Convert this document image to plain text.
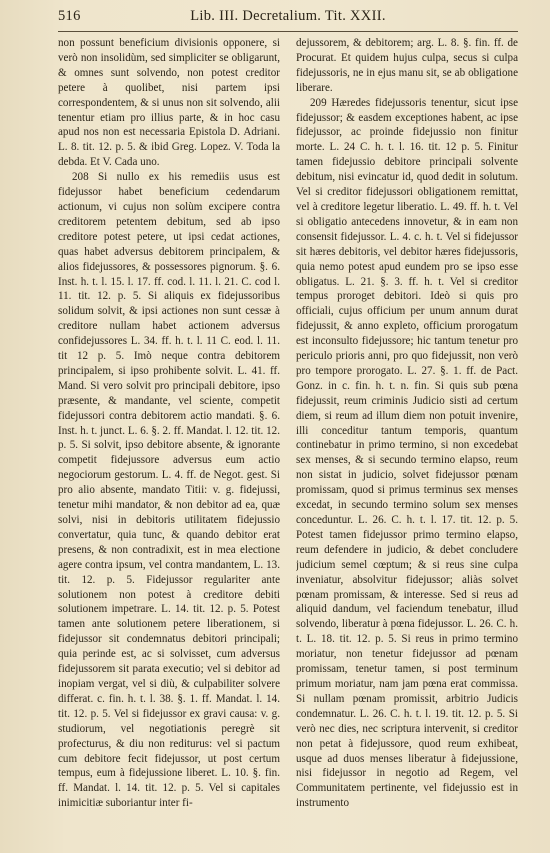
516	Lib. III. Decretalium. Tit. XXII.

non possunt beneficium divisionis opponere, si verò non insolidùm, sed simpliciter se obligarunt, & omnes sunt solvendo, non potest creditor petere à quolibet, nisi partem ipsi correspondentem, & si unus non sit solvendo, alii tenentur etiam pro illius parte, & in hoc casu apud nos non est necessaria Epistola D. Adriani. L. 8. tit. 12. p. 5. & ibid Greg. Lopez. V. Toda la debda. Et V. Cada uno.

208 Si nullo ex his remediis usus est fidejussor habet beneficium cedendarum actionum, vi cujus non solùm excipere contra creditorem petentem debitum, sed ab ipso creditore potest petere, ut ipsi cedat actiones, quas habet adversus debitorem principalem, & alios fidejussores, & possessores pignorum. §. 6. Inst. h. t. l. 15. l. 17. ff. cod. l. 11. l. 21. C. cod l. 11. tit. 12. p. 5. Si aliquis ex fidejussoribus solidum solvit, & ipsi actiones non sunt cessæ à creditore nullam habet actionem adversus confidejussores L. 34. ff. h. t. l. 11 C. eod. l. 11. tit 12 p. 5. Imò neque contra debitorem principalem, si ipso prohibente solvit. L. 41. ff. Mand. Si vero solvit pro principali debitore, ipso præsente, & mandante, vel sciente, competit fidejussori contra debitorem actio mandati. §. 6. Inst. h. t. junct. L. 6. §. 2. ff. Mandat. l. 12. tit. 12. p. 5. Si solvit, ipso debitore absente, & ignorante competit fidejussore adversus eum actio negociorum gestorum. L. 4. ff. de Negot. gest. Si pro alio absente, mandato Titii: v. g. fidejussi, tenetur mihi mandator, & non debitor ad ea, quæ solvi, nisi in debitoris utilitatem fidejussio convertatur, quia tunc, & quando debitor erat presens, & non contradixit, est in mea electione agere contra ipsum, vel contra mandantem, L. 13. tit. 12. p. 5. Fidejussor regulariter ante solutionem non potest à creditore debiti solutionem impetrare. L. 14. tit. 12. p. 5. Potest tamen ante solutionem petere liberationem, si fidejussor sit condemnatus debitori principali; quia perinde est, ac si solvisset, cum adversus fidejussorem sit parata executio; vel si debitor ad inopiam vergat, vel si diù, & culpabiliter solvere differat. c. fin. h. t. l. 38. §. 1. ff. Mandat. l. 14. tit. 12. p. 5. Vel si fidejussor ex gravi causa: v. g. studiorum, vel negotiationis peregrè sit profecturus, & diu non rediturus: vel si pactum cum debitore fecit fidejussor, ut post certum tempus, eum à fidejussione liberet. L. 10. §. fin. ff. Mandat. l. 14. tit. 12. p. 5. Vel si capitales inimicitiæ suboriantur inter fi-

dejussorem, & debitorem; arg. L. 8. §. fin. ff. de Procurat. Et quidem hujus culpa, secus si culpa fidejussoris, ne in ejus manu sit, se ab obligatione liberare.

209 Hæredes fidejussoris tenentur, sicut ipse fidejussor; & easdem exceptiones habent, ac ipse fidejussor, ac proinde fidejussio non finitur morte. L. 24 C. h. t. l. 16. tit. 12 p. 5. Finitur tamen fidejussio debitore principali solvente debitum, nisi evincatur id, quod dedit in solutum. Vel si creditor fidejussori obligationem remittat, vel à creditore legetur liberatio. L. 49. ff. h. t. Vel si obligatio antecedens innovetur, & in eam non consensit fidejussor. L. 4. c. h. t. Vel si fidejussor sit hæres debitoris, vel debitor hæres fidejussoris, quia nemo potest apud eundem pro se ipso esse obligatus. L. 21. §. 3. ff. h. t. Vel si creditor tempus proroget debitori. Ideò si quis pro officiali, cujus officium per unum annum durat fidejussit, & anno expleto, officium prorogatum est inconsulto fidejussore; hic tantum tenetur pro periculo prioris anni, pro quo fidejussit, non verò pro tempore prorogato. L. 27. §. 1. ff. de Pact. Gonz. in c. fin. h. t. n. fin. Si quis sub pœna fidejussit, reum criminis Judicio sisti ad certum diem, si reum ad illum diem non potuit invenire, illi conceditur tantum temporis, quantum continebatur in primo termino, si non excedebat sex menses, & si secundo termino elapso, reum non sistat in judicio, solvet fidejussor pœnam promissam, quod si primus terminus sex menses excedat, in secundo termino solum sex menses conceduntur. L. 26. C. h. t. l. 17. tit. 12. p. 5. Potest tamen fidejussor primo termino elapso, reum defendere in judicio, & debet concludere judicium semel cœptum; & si reus sine culpa inveniatur, absolvitur fidejussor; aliàs solvet pœnam promissam, & interesse. Sed si reus ad aliquid dandum, vel faciendum tenebatur, illud solvendo, liberatur à pœna fidejussor. L. 26. C. h. t. L. 18. tit. 12. p. 5. Si reus in primo termino moriatur, non tenetur fidejussor ad pœnam promissam, tenetur tamen, si post terminum primum moriatur, nam jam pœna erat commissa. Si nullam pœnam promissit, arbitrio Judicis condemnatur. L. 26. C. h. t. l. 19. tit. 12. p. 5. Si verò nec dies, nec scriptura intervenit, si creditor non petat à fidejussore, quod reum exhibeat, usque ad duos menses liberatur à fidejussione, nisi fidejussor in negotio ad Regem, vel Communitatem pertinente, vel fidejussio est in instrumento
